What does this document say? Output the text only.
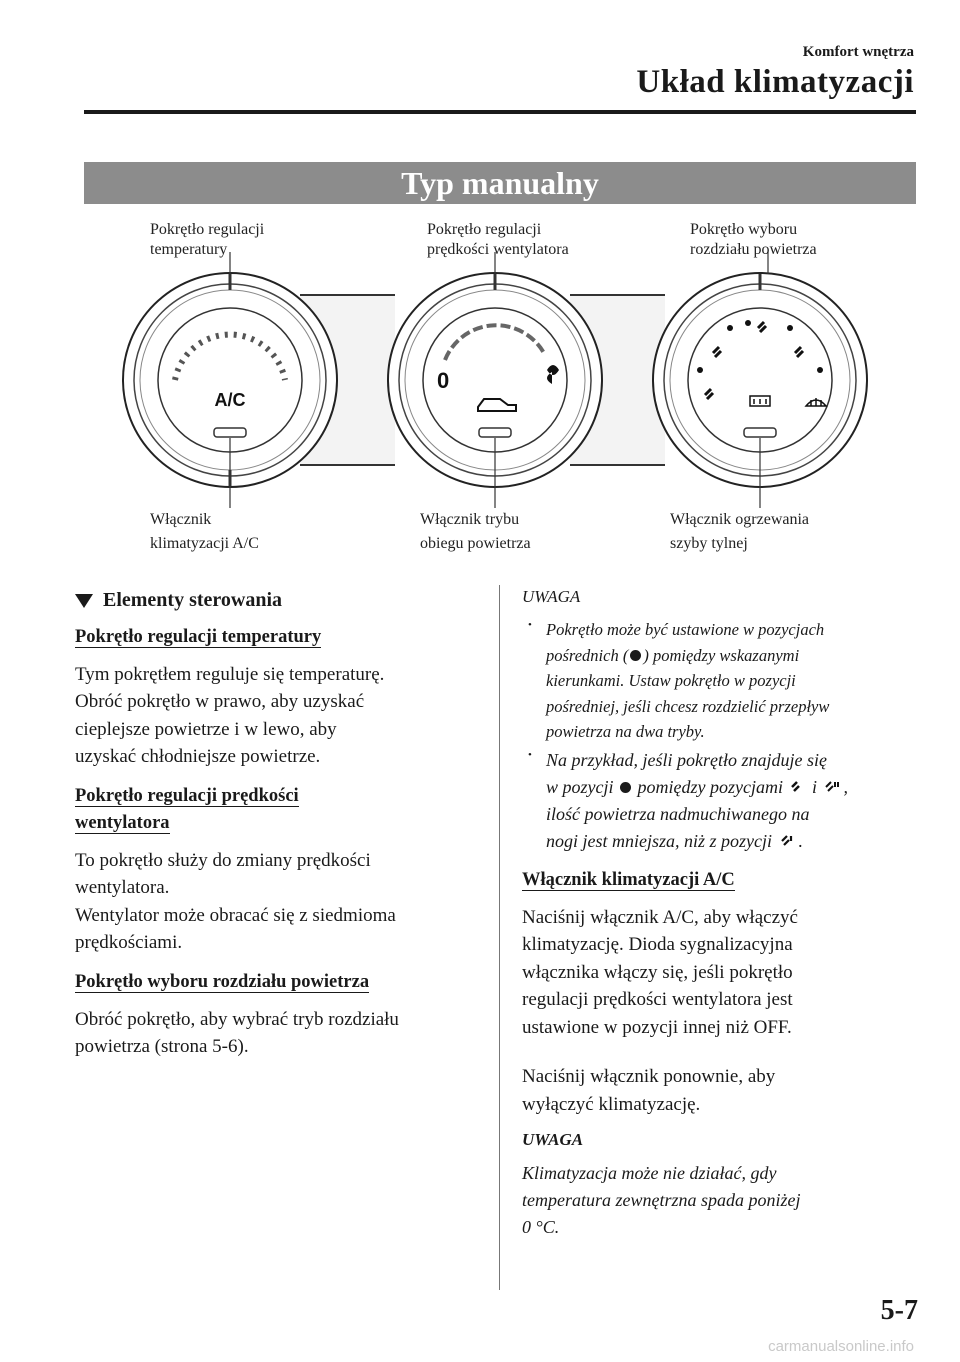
Komfort wnętrza
Układ klimatyzacji
Typ manualny
A/C
0
Pokrętło regulacji
temperatury
Pokrętło regulacji
prędkości wentylatora
Pokrętło wyboru
rozdziału powietrza
Włącznik
klimatyzacji A/C
Włącznik trybu
obiegu powietrza
Włącznik ogrzewania
szyby tylnej
Elementy sterowania
Pokrętło regulacji temperatury
Tym pokrętłem reguluje się temperaturę.
Obróć pokrętło w prawo, aby uzyskać
cieplejsze powietrze i w lewo, aby
uzyskać chłodniejsze powietrze.
Pokrętło regulacji prędkości
wentylatora
To pokrętło służy do zmiany prędkości
wentylatora.
Wentylator może obracać się z siedmioma
prędkościami.
Pokrętło wyboru rozdziału powietrza
Obróć pokrętło, aby wybrać tryb rozdziału
powietrza (strona 5-6).
UWAGA
• Pokrętło może być ustawione w pozycjach
pośrednich ( ) pomiędzy wskazanymi
kierunkami. Ustaw pokrętło w pozycji
pośredniej, jeśli chcesz rozdzielić przepływ
powietrza na dwa tryby.
• Na przykład, jeśli pokrętło znajduje się
w pozycji  pomiędzy pozycjami  i ,
ilość powietrza nadmuchiwanego na
nogi jest mniejsza, niż z pozycji .
Włącznik klimatyzacji A/C
Naciśnij włącznik A/C, aby włączyć
klimatyzację. Dioda sygnalizacyjna
włącznika włączy się, jeśli pokrętło
regulacji prędkości wentylatora jest
ustawione w pozycji innej niż OFF.
Naciśnij włącznik ponownie, aby
wyłączyć klimatyzację.
UWAGA
Klimatyzacja może nie działać, gdy
temperatura zewnętrzna spada poniżej
0 °C.
5-7
carmanualsonline.info
